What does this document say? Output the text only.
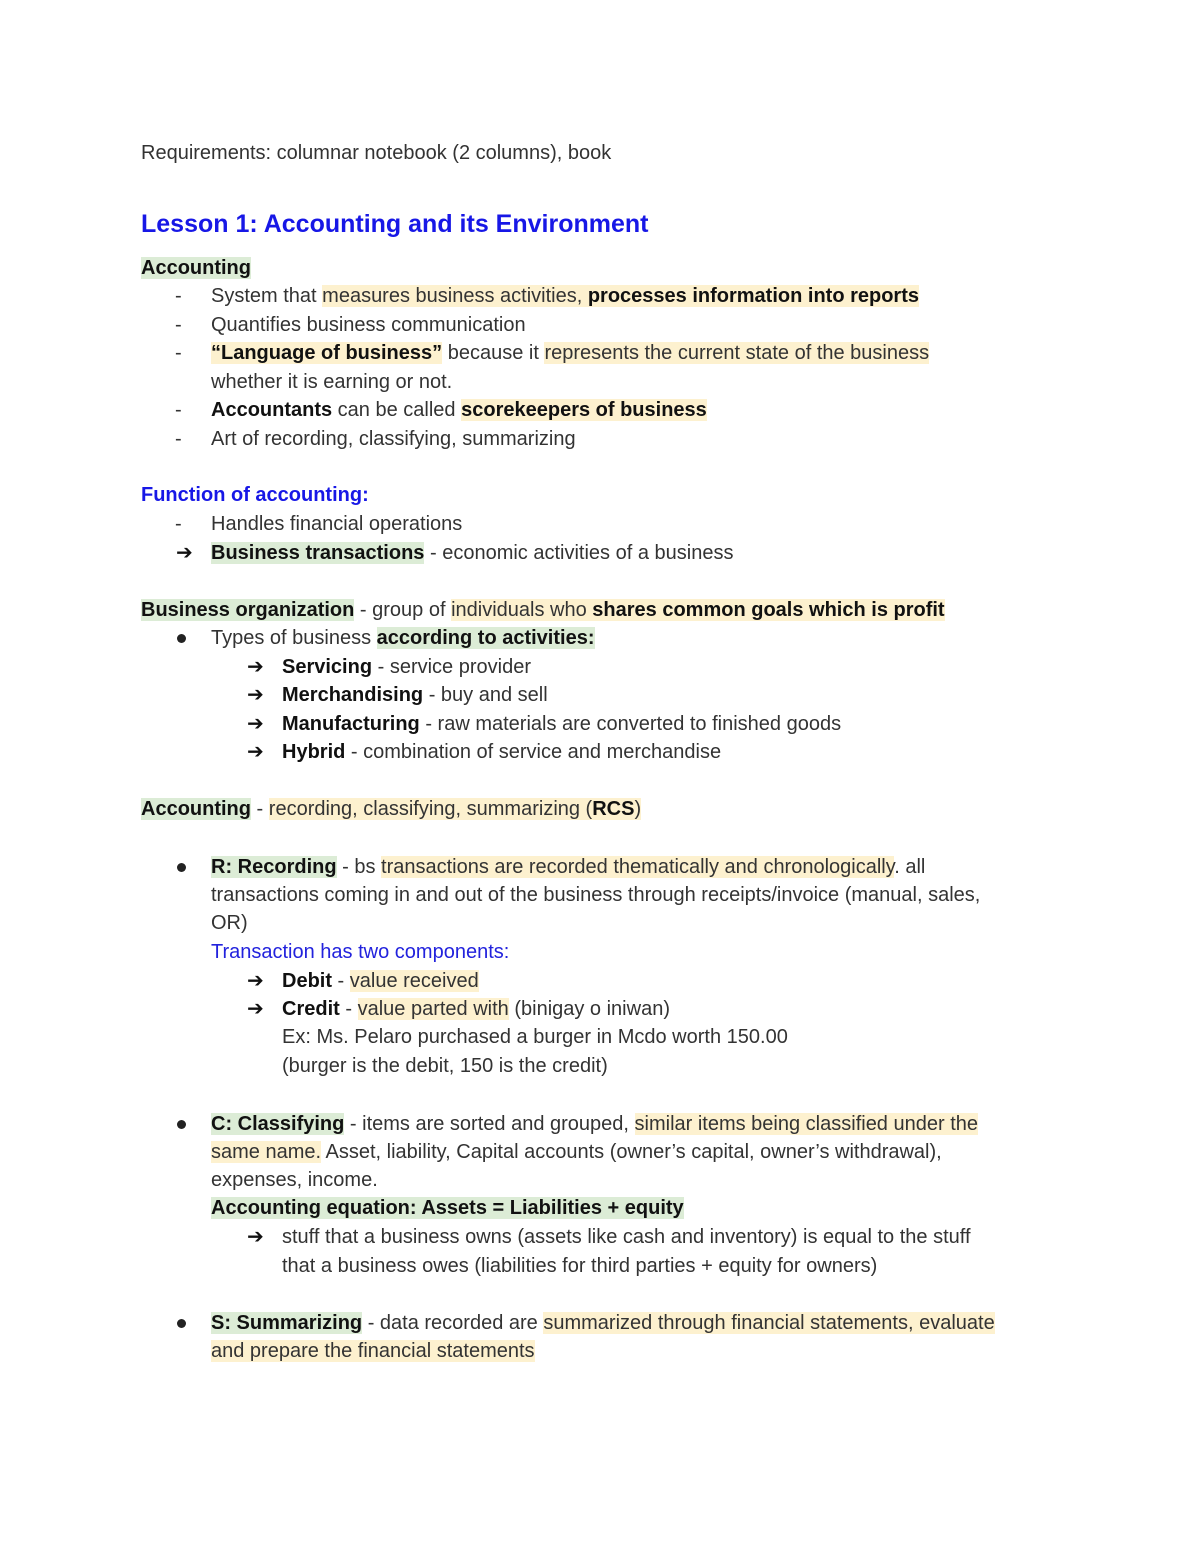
Requirements: columnar notebook (2 columns), book
Lesson 1: Accounting and its Environment
Accounting
- System that measures business activities, processes information into reports
- Quantifies business communication
- “Language of business” because it represents the current state of the business
whether it is earning or not.
- Accountants can be called scorekeepers of business
- Art of recording, classifying, summarizing
Function of accounting:
- Handles financial operations
➔ Business transactions - economic activities of a business
Business organization - group of individuals who shares common goals which is profit
Types of business according to activities:
➔ Servicing - service provider
➔ Merchandising - buy and sell
➔ Manufacturing - raw materials are converted to finished goods
➔ Hybrid - combination of service and merchandise
Accounting - recording, classifying, summarizing (RCS)
R: Recording - bs transactions are recorded thematically and chronologically. all
transactions coming in and out of the business through receipts/invoice (manual, sales,
OR)
Transaction has two components:
➔ Debit - value received
➔ Credit - value parted with (binigay o iniwan)
Ex: Ms. Pelaro purchased a burger in Mcdo worth 150.00
(burger is the debit, 150 is the credit)
C: Classifying - items are sorted and grouped, similar items being classified under the
same name. Asset, liability, Capital accounts (owner’s capital, owner’s withdrawal),
expenses, income.
Accounting equation: Assets = Liabilities + equity
➔ stuff that a business owns (assets like cash and inventory) is equal to the stuff
that a business owes (liabilities for third parties + equity for owners)
S: Summarizing - data recorded are summarized through financial statements, evaluate
and prepare the financial statements
